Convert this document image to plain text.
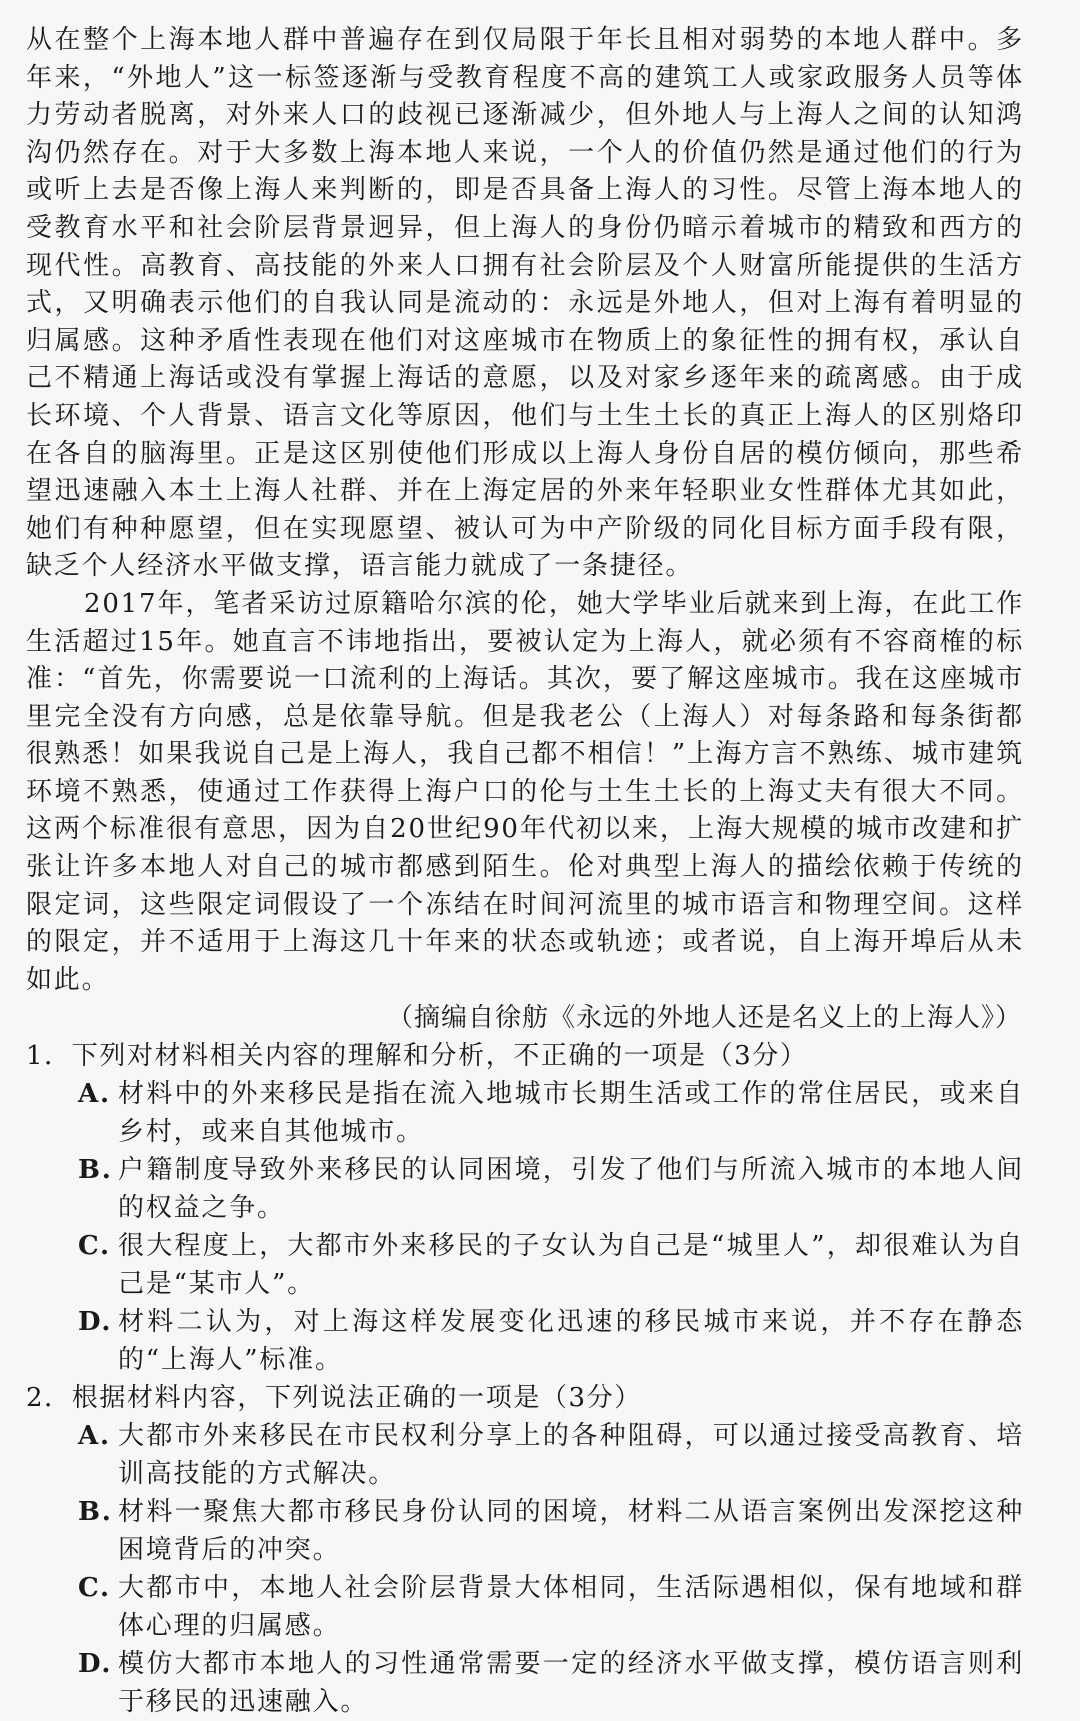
从在整个上海本地人群中普遍存在到仅局限于年长且相对弱势的本地人群中。多年来，“外地人”这一标签逐渐与受教育程度不高的建筑工人或家政服务人员等体力劳动者脱离，对外来人口的歧视已逐渐减少，但外地人与上海人之间的认知鸿沟仍然存在。对于大多数上海本地人来说，一个人的价值仍然是通过他们的行为或听上去是否像上海人来判断的，即是否具备上海人的习性。尽管上海本地人的受教育水平和社会阶层背景迥异，但上海人的身份仍暗示着城市的精致和西方的现代性。高教育、高技能的外来人口拥有社会阶层及个人财富所能提供的生活方式，又明确表示他们的自我认同是流动的：永远是外地人，但对上海有着明显的归属感。这种矛盾性表现在他们对这座城市在物质上的象征性的拥有权，承认自己不精通上海话或没有掌握上海话的意愿，以及对家乡逐年来的疏离感。由于成长环境、个人背景、语言文化等原因，他们与土生土长的真正上海人的区别烙印在各自的脑海里。正是这区别使他们形成以上海人身份自居的模仿倾向，那些希望迅速融入本土上海人社群、并在上海定居的外来年轻职业女性群体尤其如此，她们有种种愿望，但在实现愿望、被认可为中产阶级的同化目标方面手段有限，缺乏个人经济水平做支撑，语言能力就成了一条捷径。

2017年，笔者采访过原籍哈尔滨的伦，她大学毕业后就来到上海，在此工作生活超过15年。她直言不讳地指出，要被认定为上海人，就必须有不容商榷的标准：“首先，你需要说一口流利的上海话。其次，要了解这座城市。我在这座城市里完全没有方向感，总是依靠导航。但是我老公（上海人）对每条路和每条街都很熟悉！如果我说自己是上海人，我自己都不相信！”上海方言不熟练、城市建筑环境不熟悉，使通过工作获得上海户口的伦与土生土长的上海丈夫有很大不同。这两个标准很有意思，因为自20世纪90年代初以来，上海大规模的城市改建和扩张让许多本地人对自己的城市都感到陌生。伦对典型上海人的描绘依赖于传统的限定词，这些限定词假设了一个冻结在时间河流里的城市语言和物理空间。这样的限定，并不适用于上海这几十年来的状态或轨迹；或者说，自上海开埠后从未如此。

（摘编自徐舫《永远的外地人还是名义上的上海人》）

1．下列对材料相关内容的理解和分析，不正确的一项是（3分）
A. 材料中的外来移民是指在流入地城市长期生活或工作的常住居民，或来自乡村，或来自其他城市。
B. 户籍制度导致外来移民的认同困境，引发了他们与所流入城市的本地人间的权益之争。
C. 很大程度上，大都市外来移民的子女认为自己是“城里人”，却很难认为自己是“某市人”。
D. 材料二认为，对上海这样发展变化迅速的移民城市来说，并不存在静态的“上海人”标准。
2．根据材料内容，下列说法正确的一项是（3分）
A. 大都市外来移民在市民权利分享上的各种阻碍，可以通过接受高教育、培训高技能的方式解决。
B. 材料一聚焦大都市移民身份认同的困境，材料二从语言案例出发深挖这种困境背后的冲突。
C. 大都市中，本地人社会阶层背景大体相同，生活际遇相似，保有地域和群体心理的归属感。
D. 模仿大都市本地人的习性通常需要一定的经济水平做支撑，模仿语言则利于移民的迅速融入。
